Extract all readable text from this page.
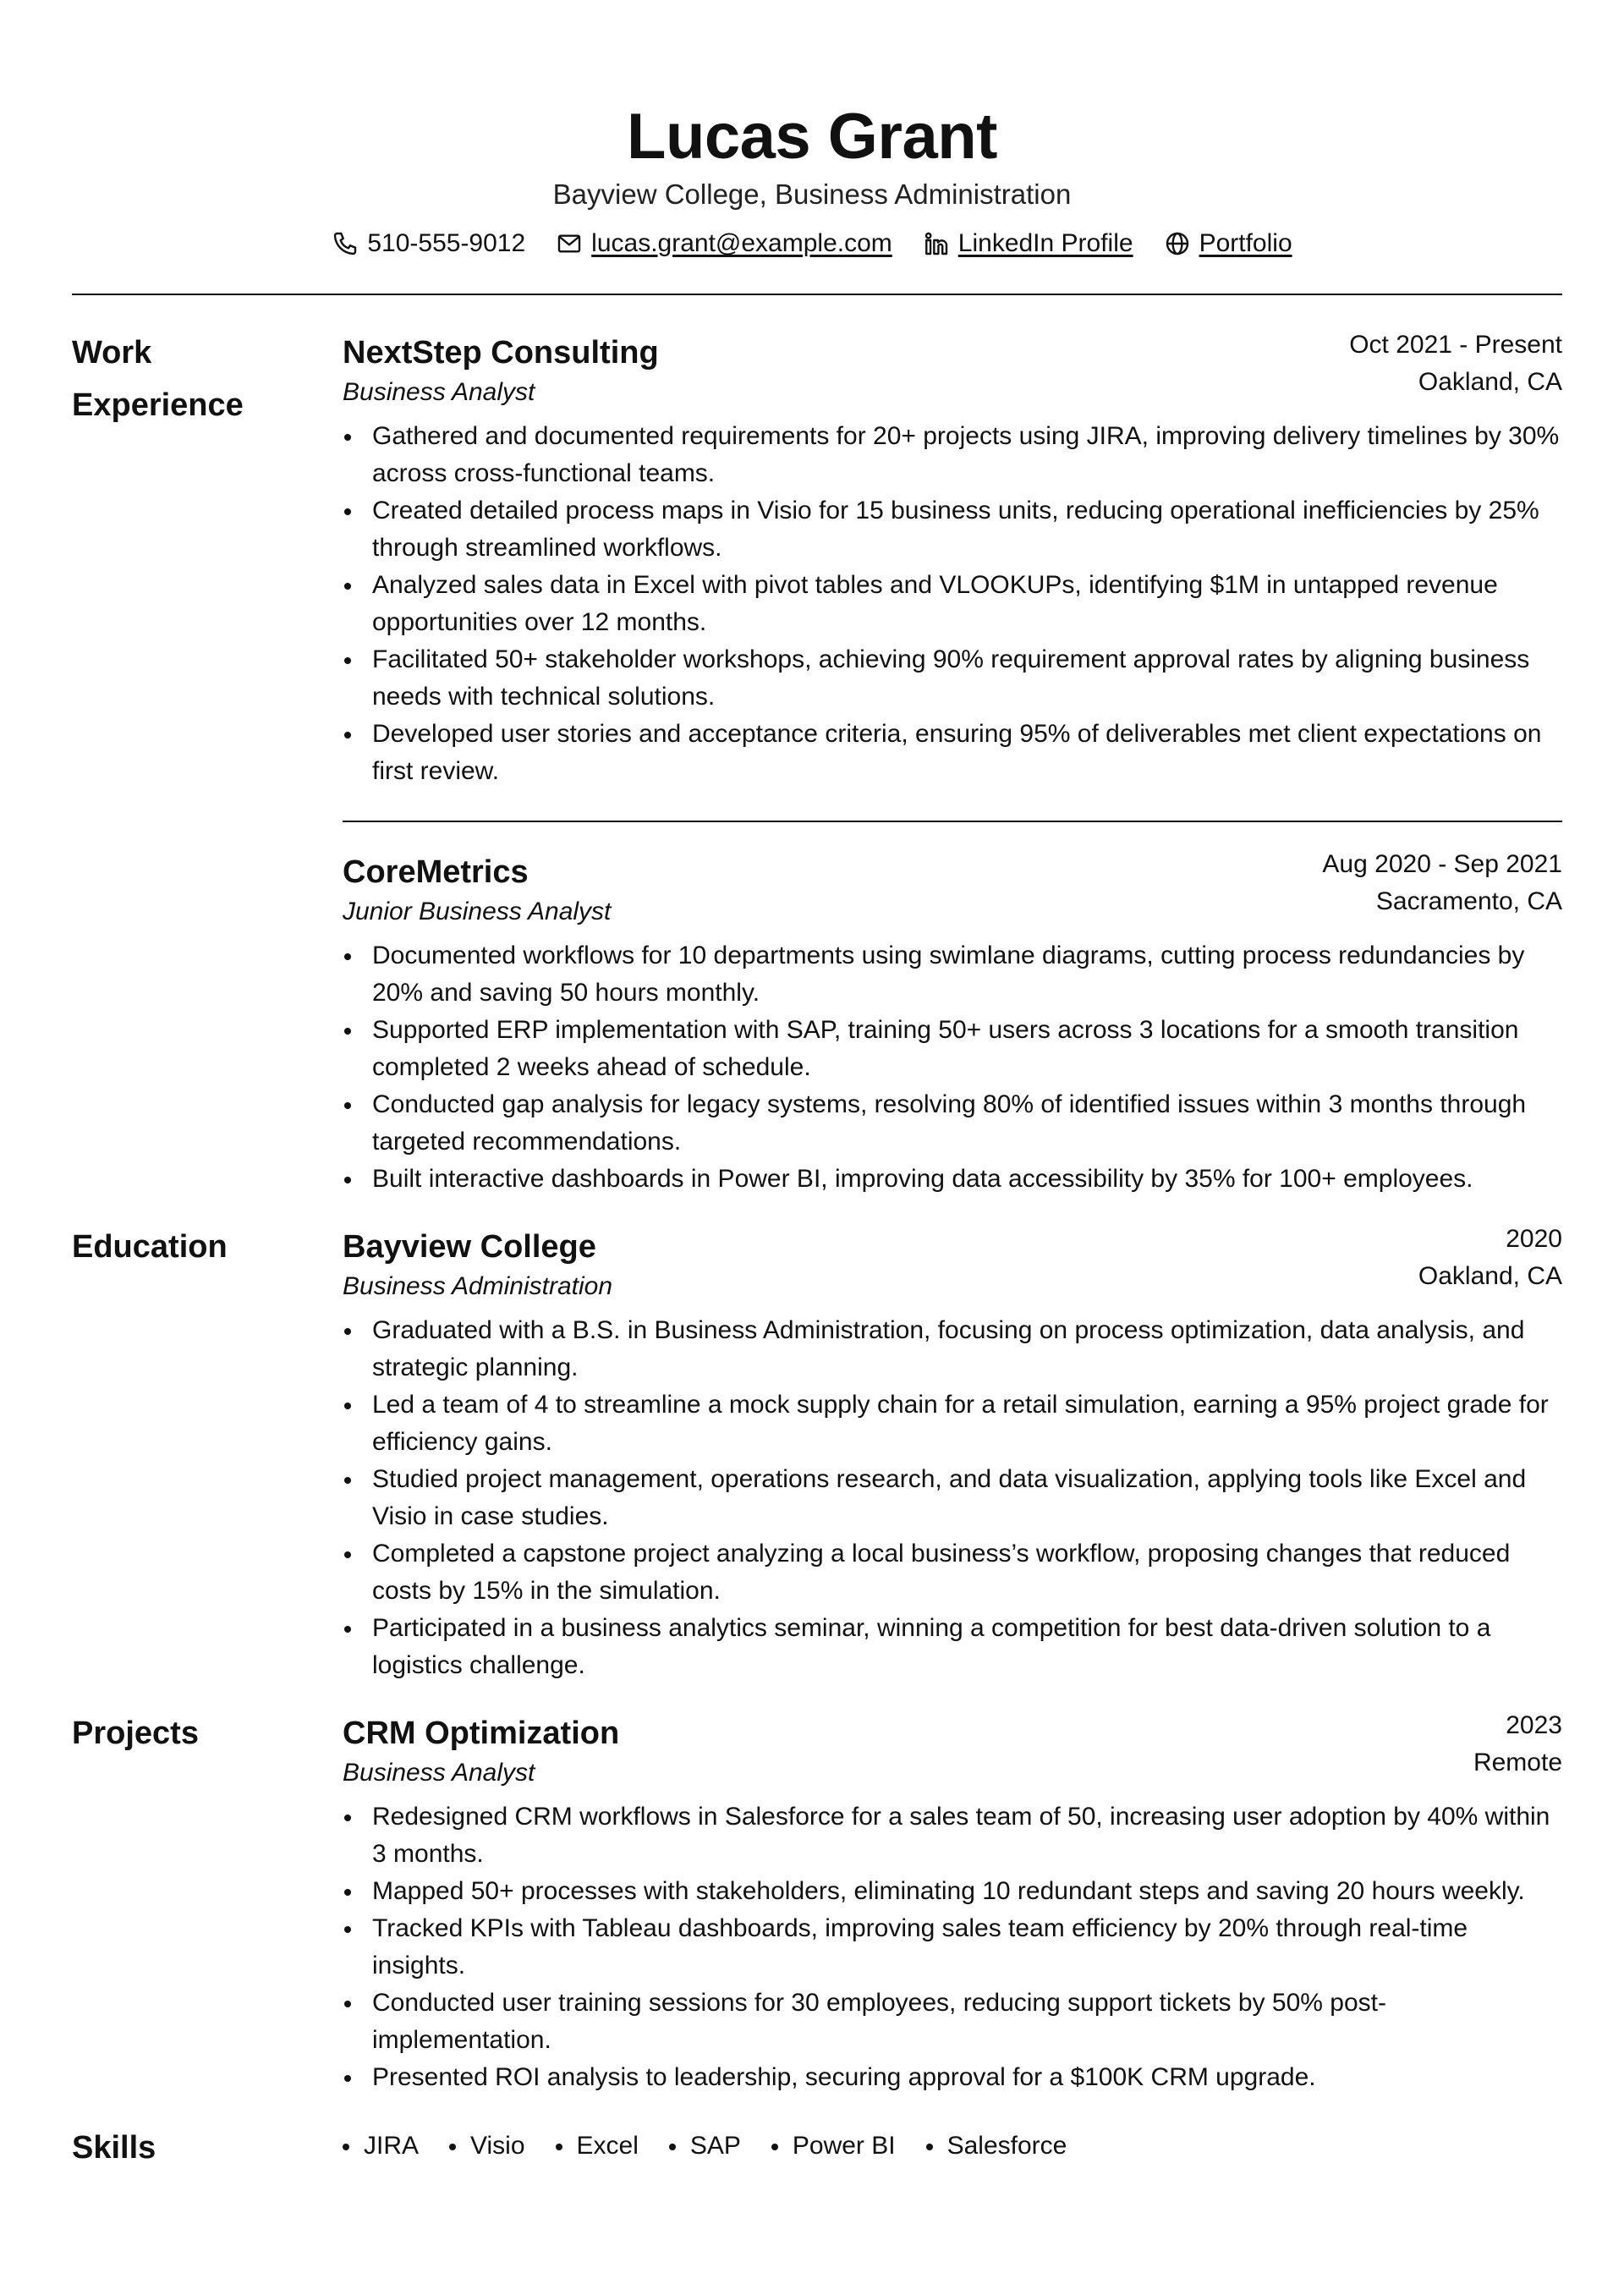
Lucas Grant
Bayview College, Business Administration
510-555-9012	lucas.grant@example.com	LinkedIn Profile	Portfolio
Work Experience
NextStep Consulting
Business Analyst
Oct 2021 - Present
Oakland, CA
Gathered and documented requirements for 20+ projects using JIRA, improving delivery timelines by 30% across cross-functional teams.
Created detailed process maps in Visio for 15 business units, reducing operational inefficiencies by 25% through streamlined workflows.
Analyzed sales data in Excel with pivot tables and VLOOKUPs, identifying $1M in untapped revenue opportunities over 12 months.
Facilitated 50+ stakeholder workshops, achieving 90% requirement approval rates by aligning business needs with technical solutions.
Developed user stories and acceptance criteria, ensuring 95% of deliverables met client expectations on first review.
CoreMetrics
Junior Business Analyst
Aug 2020 - Sep 2021
Sacramento, CA
Documented workflows for 10 departments using swimlane diagrams, cutting process redundancies by 20% and saving 50 hours monthly.
Supported ERP implementation with SAP, training 50+ users across 3 locations for a smooth transition completed 2 weeks ahead of schedule.
Conducted gap analysis for legacy systems, resolving 80% of identified issues within 3 months through targeted recommendations.
Built interactive dashboards in Power BI, improving data accessibility by 35% for 100+ employees.
Education	Bayview College
Business Administration
2020
Oakland, CA
Graduated with a B.S. in Business Administration, focusing on process optimization, data analysis, and strategic planning.
Led a team of 4 to streamline a mock supply chain for a retail simulation, earning a 95% project grade for efficiency gains.
Studied project management, operations research, and data visualization, applying tools like Excel and Visio in case studies.
Completed a capstone project analyzing a local business’s workflow, proposing changes that reduced costs by 15% in the simulation.
Participated in a business analytics seminar, winning a competition for best data-driven solution to a logistics challenge.
Projects	CRM Optimization
Business Analyst
2023
Remote
Redesigned CRM workflows in Salesforce for a sales team of 50, increasing user adoption by 40% within 3 months.
Mapped 50+ processes with stakeholders, eliminating 10 redundant steps and saving 20 hours weekly.
Tracked KPIs with Tableau dashboards, improving sales team efficiency by 20% through real-time insights.
Conducted user training sessions for 30 employees, reducing support tickets by 50% post-implementation.
Presented ROI analysis to leadership, securing approval for a $100K CRM upgrade.
Skills	JIRA	Visio	Excel	SAP	Power BI	Salesforce
